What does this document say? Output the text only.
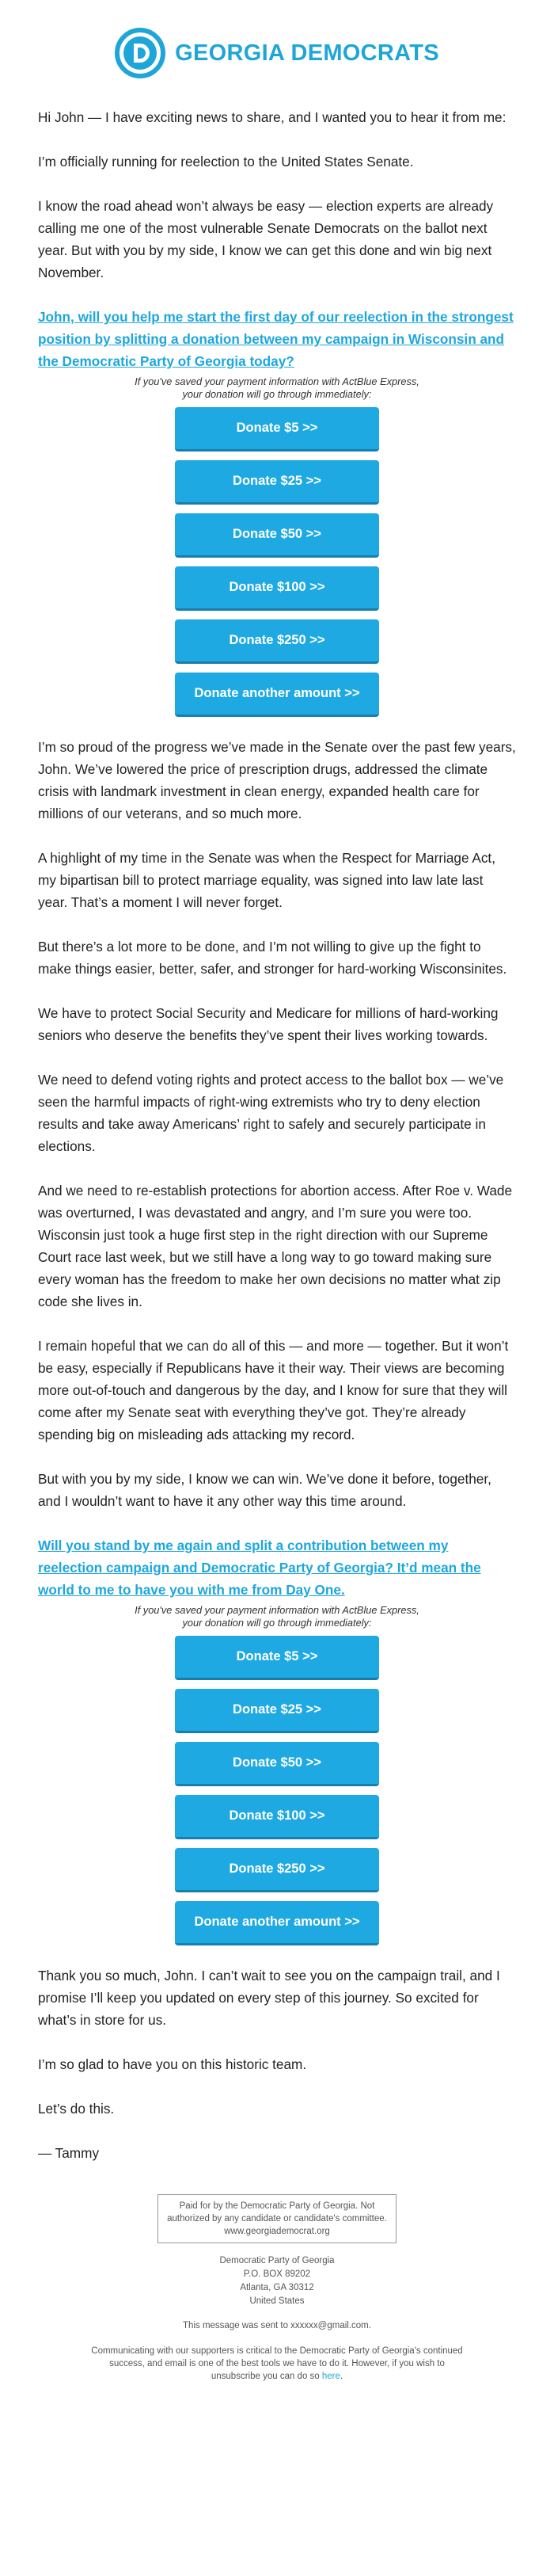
GEORGIA DEMOCRATS

Hi John — I have exciting news to share, and I wanted you to hear it from me:

I’m officially running for reelection to the United States Senate.

I know the road ahead won’t always be easy — election experts are already calling me one of the most vulnerable Senate Democrats on the ballot next year. But with you by my side, I know we can get this done and win big next November.

John, will you help me start the first day of our reelection in the strongest position by splitting a donation between my campaign in Wisconsin and the Democratic Party of Georgia today?
If you've saved your payment information with ActBlue Express,
your donation will go through immediately:
Donate $5 >>
Donate $25 >>
Donate $50 >>
Donate $100 >>
Donate $250 >>
Donate another amount >>

I’m so proud of the progress we’ve made in the Senate over the past few years, John. We’ve lowered the price of prescription drugs, addressed the climate crisis with landmark investment in clean energy, expanded health care for millions of our veterans, and so much more.

A highlight of my time in the Senate was when the Respect for Marriage Act, my bipartisan bill to protect marriage equality, was signed into law late last year. That’s a moment I will never forget.

But there’s a lot more to be done, and I’m not willing to give up the fight to make things easier, better, safer, and stronger for hard-working Wisconsinites.

We have to protect Social Security and Medicare for millions of hard-working seniors who deserve the benefits they’ve spent their lives working towards.

We need to defend voting rights and protect access to the ballot box — we’ve seen the harmful impacts of right-wing extremists who try to deny election results and take away Americans’ right to safely and securely participate in elections.

And we need to re-establish protections for abortion access. After Roe v. Wade was overturned, I was devastated and angry, and I’m sure you were too. Wisconsin just took a huge first step in the right direction with our Supreme Court race last week, but we still have a long way to go toward making sure every woman has the freedom to make her own decisions no matter what zip code she lives in.

I remain hopeful that we can do all of this — and more — together. But it won’t be easy, especially if Republicans have it their way. Their views are becoming more out-of-touch and dangerous by the day, and I know for sure that they will come after my Senate seat with everything they’ve got. They’re already spending big on misleading ads attacking my record.

But with you by my side, I know we can win. We’ve done it before, together, and I wouldn’t want to have it any other way this time around.

Will you stand by me again and split a contribution between my reelection campaign and Democratic Party of Georgia? It’d mean the world to me to have you with me from Day One.
If you've saved your payment information with ActBlue Express,
your donation will go through immediately:
Donate $5 >>
Donate $25 >>
Donate $50 >>
Donate $100 >>
Donate $250 >>
Donate another amount >>

Thank you so much, John. I can’t wait to see you on the campaign trail, and I promise I’ll keep you updated on every step of this journey. So excited for what’s in store for us.

I’m so glad to have you on this historic team.

Let’s do this.

— Tammy

Paid for by the Democratic Party of Georgia. Not authorized by any candidate or candidate's committee. www.georgiademocrat.org
Democratic Party of Georgia
P.O. BOX 89202
Atlanta, GA 30312
United States
This message was sent to xxxxxx@gmail.com.
Communicating with our supporters is critical to the Democratic Party of Georgia's continued success, and email is one of the best tools we have to do it. However, if you wish to unsubscribe you can do so here.
